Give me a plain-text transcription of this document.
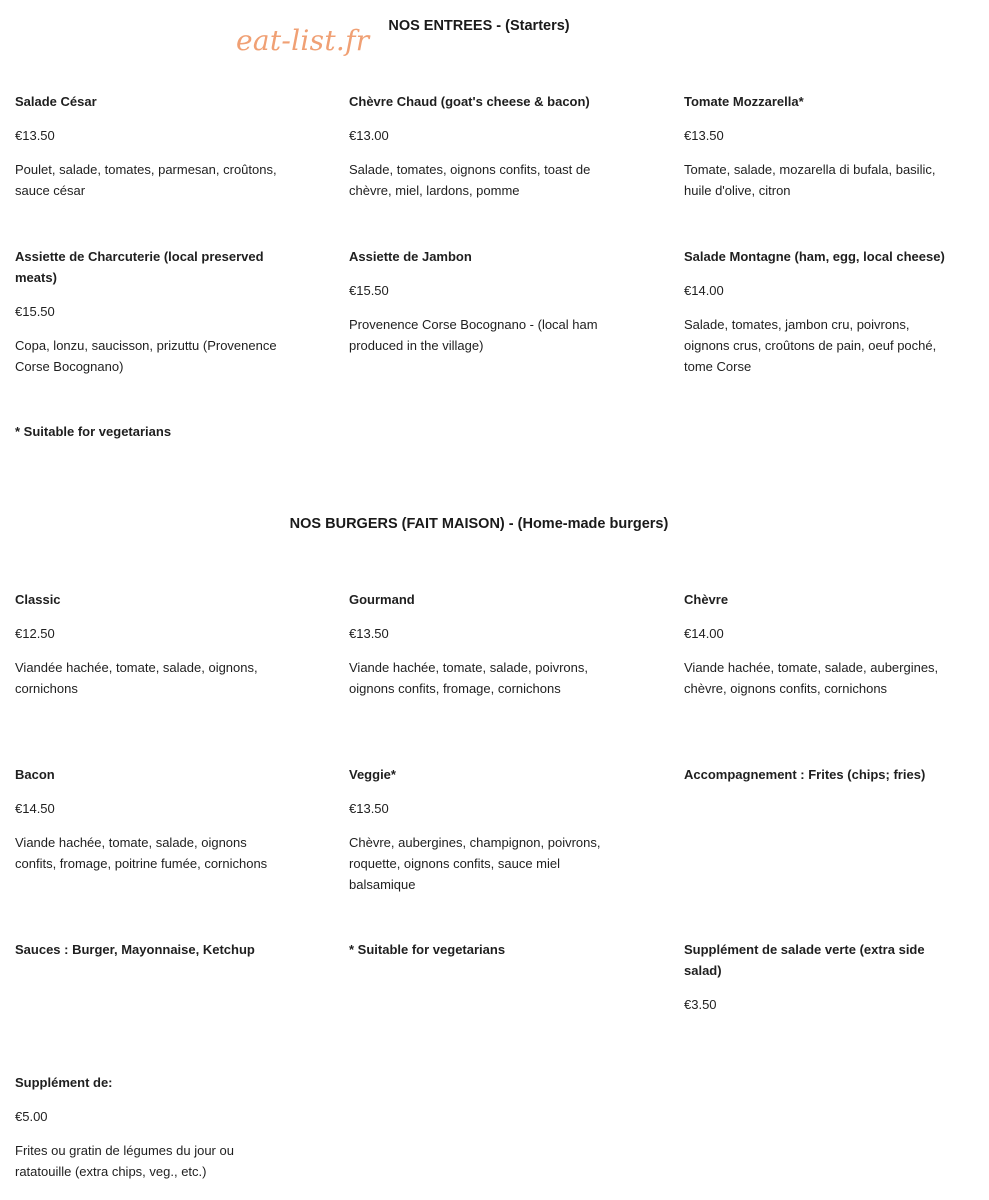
eat-list.fr	NOS ENTREES - (Starters)
Salade César
€13.50
Poulet, salade, tomates, parmesan, croûtons, sauce césar
Chèvre Chaud (goat's cheese & bacon)
€13.00
Salade, tomates, oignons confits, toast de chèvre, miel, lardons, pomme
Tomate Mozzarella*
€13.50
Tomate, salade, mozarella di bufala, basilic, huile d'olive, citron
Assiette de Charcuterie (local preserved meats)
€15.50
Copa, lonzu, saucisson, prizuttu (Provenence Corse Bocognano)
Assiette de Jambon
€15.50
Provenence Corse Bocognano - (local ham produced in the village)
Salade Montagne (ham, egg, local cheese)
€14.00
Salade, tomates, jambon cru, poivrons, oignons crus, croûtons de pain, oeuf poché, tome Corse
* Suitable for vegetarians
NOS BURGERS (FAIT MAISON) - (Home-made burgers)
Classic
€12.50
Viandée hachée, tomate, salade, oignons, cornichons
Gourmand
€13.50
Viande hachée, tomate, salade, poivrons, oignons confits, fromage, cornichons
Chèvre
€14.00
Viande hachée, tomate, salade, aubergines, chèvre, oignons confits, cornichons
Bacon
€14.50
Viande hachée, tomate, salade, oignons confits, fromage, poitrine fumée, cornichons
Veggie*
€13.50
Chèvre, aubergines, champignon, poivrons, roquette, oignons confits, sauce miel balsamique
Accompagnement : Frites (chips; fries)
Sauces : Burger, Mayonnaise, Ketchup	* Suitable for vegetarians	Supplément de salade verte (extra side salad)
€3.50
Supplément de:
€5.00
Frites ou gratin de légumes du jour ou ratatouille (extra chips, veg., etc.)
